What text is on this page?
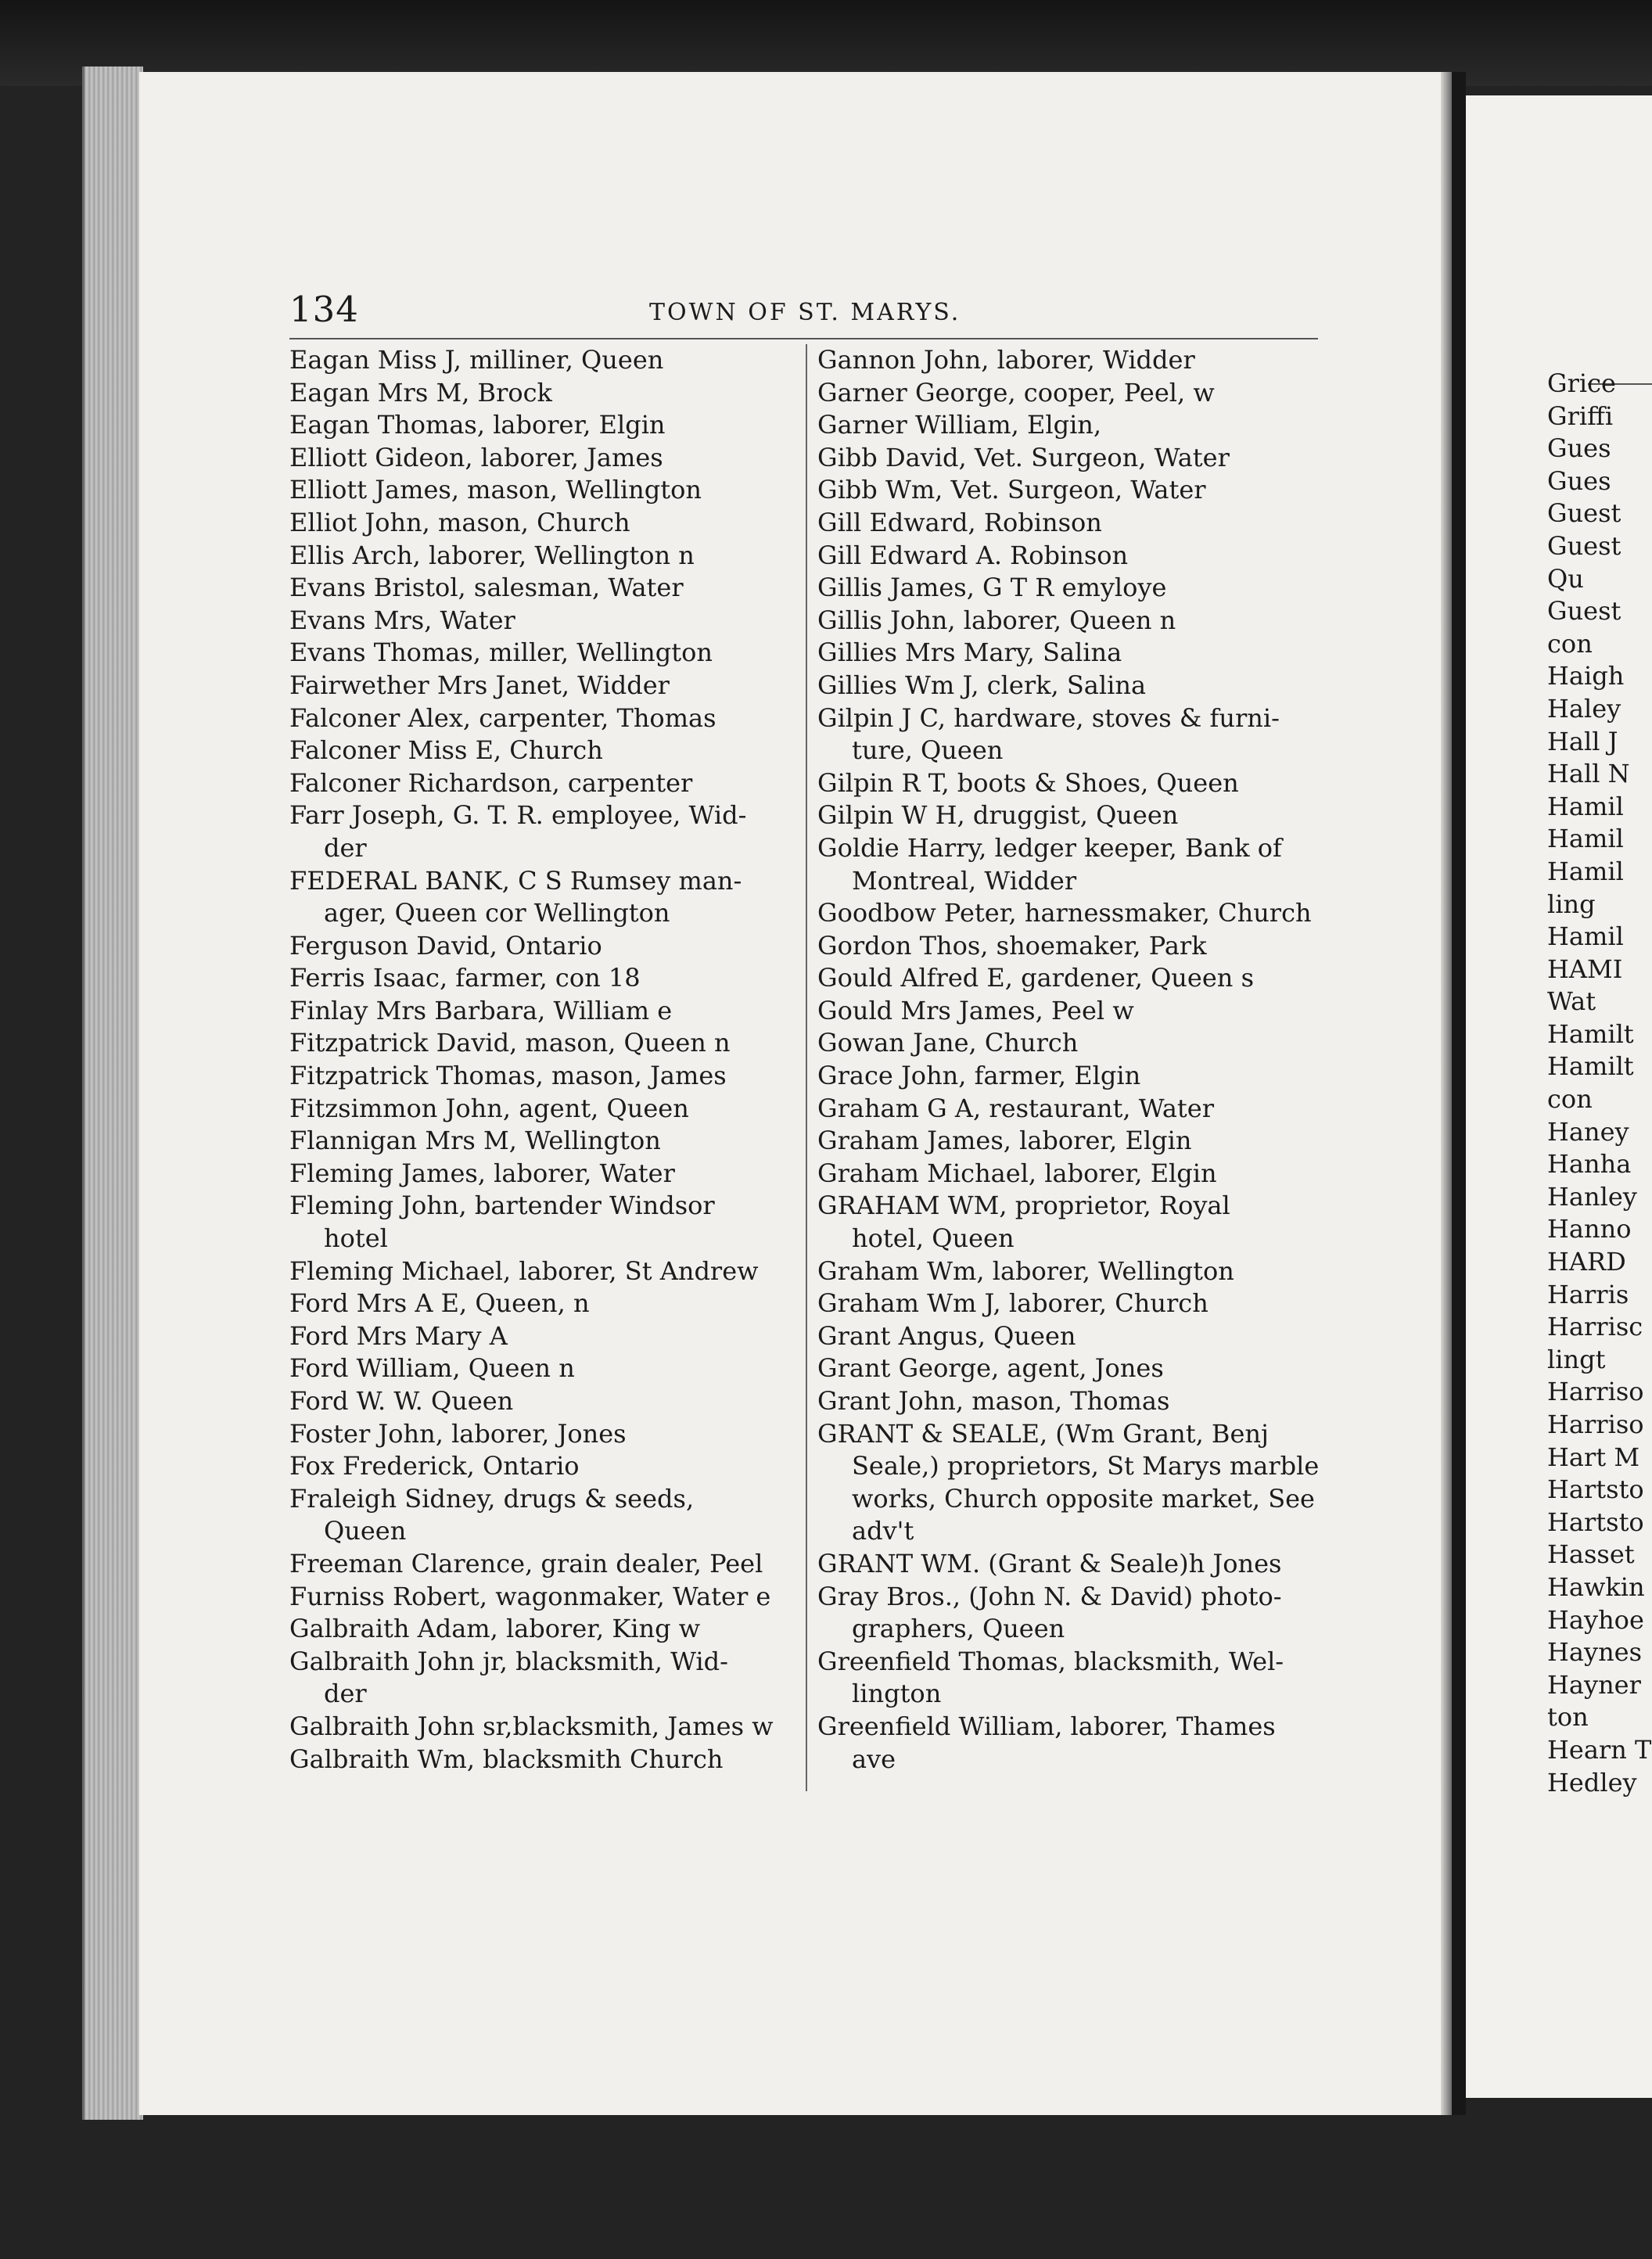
134	TOWN OF ST. MARYS.
Eagan Miss J, milliner, Queen
Eagan Mrs M, Brock
Eagan Thomas, laborer, Elgin
Elliott Gideon, laborer, James
Elliott James, mason, Wellington
Elliot John, mason, Church
Ellis Arch, laborer, Wellington n
Evans Bristol, salesman, Water
Evans Mrs, Water
Evans Thomas, miller, Wellington
Fairwether Mrs Janet, Widder
Falconer Alex, carpenter, Thomas
Falconer Miss E, Church
Falconer Richardson, carpenter
Farr Joseph, G. T. R. employee, Wid-
der
FEDERAL BANK, C S Rumsey man-
ager, Queen cor Wellington
Ferguson David, Ontario
Ferris Isaac, farmer, con 18
Finlay Mrs Barbara, William e
Fitzpatrick David, mason, Queen n
Fitzpatrick Thomas, mason, James
Fitzsimmon John, agent, Queen
Flannigan Mrs M, Wellington
Fleming James, laborer, Water
Fleming John, bartender Windsor
hotel
Fleming Michael, laborer, St Andrew
Ford Mrs A E, Queen, n
Ford Mrs Mary A
Ford William, Queen n
Ford W. W. Queen
Foster John, laborer, Jones
Fox Frederick, Ontario
Fraleigh Sidney, drugs & seeds,
Queen
Freeman Clarence, grain dealer, Peel
Furniss Robert, wagonmaker, Water e
Galbraith Adam, laborer, King w
Galbraith John jr, blacksmith, Wid-
der
Galbraith John sr,blacksmith, James w
Galbraith Wm, blacksmith Church
Gannon John, laborer, Widder
Garner George, cooper, Peel, w
Garner William, Elgin,
Gibb David, Vet. Surgeon, Water
Gibb Wm, Vet. Surgeon, Water
Gill Edward, Robinson
Gill Edward A. Robinson
Gillis James, G T R emyloye
Gillis John, laborer, Queen n
Gillies Mrs Mary, Salina
Gillies Wm J, clerk, Salina
Gilpin J C, hardware, stoves & furni-
ture, Queen
Gilpin R T, boots & Shoes, Queen
Gilpin W H, druggist, Queen
Goldie Harry, ledger keeper, Bank of
Montreal, Widder
Goodbow Peter, harnessmaker, Church
Gordon Thos, shoemaker, Park
Gould Alfred E, gardener, Queen s
Gould Mrs James, Peel w
Gowan Jane, Church
Grace John, farmer, Elgin
Graham G A, restaurant, Water
Graham James, laborer, Elgin
Graham Michael, laborer, Elgin
GRAHAM WM, proprietor, Royal
hotel, Queen
Graham Wm, laborer, Wellington
Graham Wm J, laborer, Church
Grant Angus, Queen
Grant George, agent, Jones
Grant John, mason, Thomas
GRANT & SEALE, (Wm Grant, Benj
Seale,) proprietors, St Marys marble
works, Church opposite market, See
adv't
GRANT WM. (Grant & Seale)h Jones
Gray Bros., (John N. & David) photo-
graphers, Queen
Greenfield Thomas, blacksmith, Wel-
lington
Greenfield William, laborer, Thames
ave
Grice
Griffi
Gues
Gues
Guest
Guest
Qu
Guest
con
Haigh
Haley
Hall J
Hall N
Hamil
Hamil
Hamil
ling
Hamil
HAMI
Wat
Hamilt
Hamilt
con
Haney
Hanha
Hanley
Hanno
HARD
Harris
Harrisc
lingt
Harriso
Harriso
Hart M
Hartsto
Hartsto
Hasset
Hawkin
Hayhoe
Haynes
Hayner
ton
Hearn T
Hedley
